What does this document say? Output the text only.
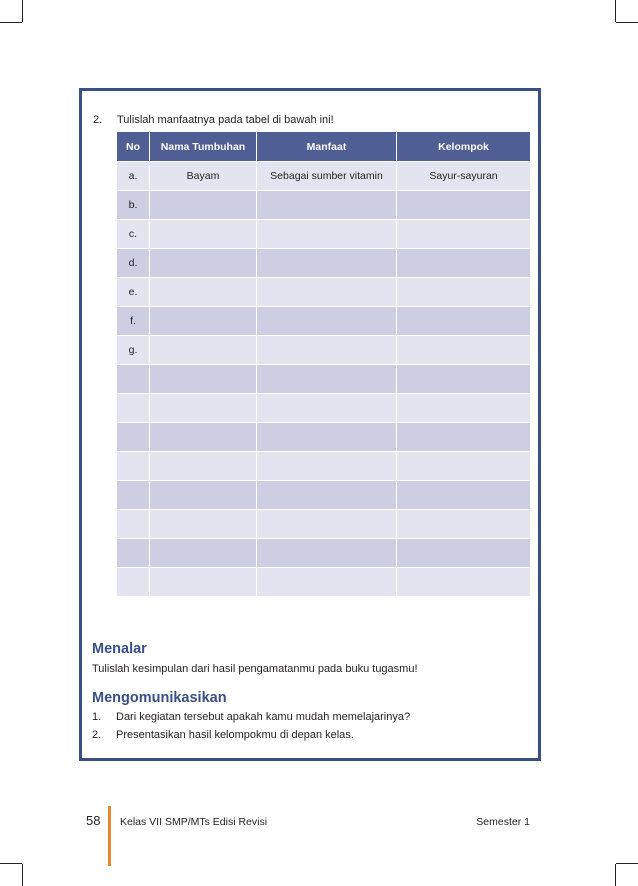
2. Tulislah manfaatnya pada tabel di bawah ini!
No	Nama Tumbuhan	Manfaat	Kelompok
a.	Bayam	Sebagai sumber vitamin	Sayur-sayuran
b.			
c.			
d.			
e.			
f.			
g.			

Menalar
Tulislah kesimpulan dari hasil pengamatanmu pada buku tugasmu!
Mengomunikasikan
1. Dari kegiatan tersebut apakah kamu mudah memelajarinya?
2. Presentasikan hasil kelompokmu di depan kelas.
58 Kelas VII SMP/MTs Edisi Revisi	Semester 1
